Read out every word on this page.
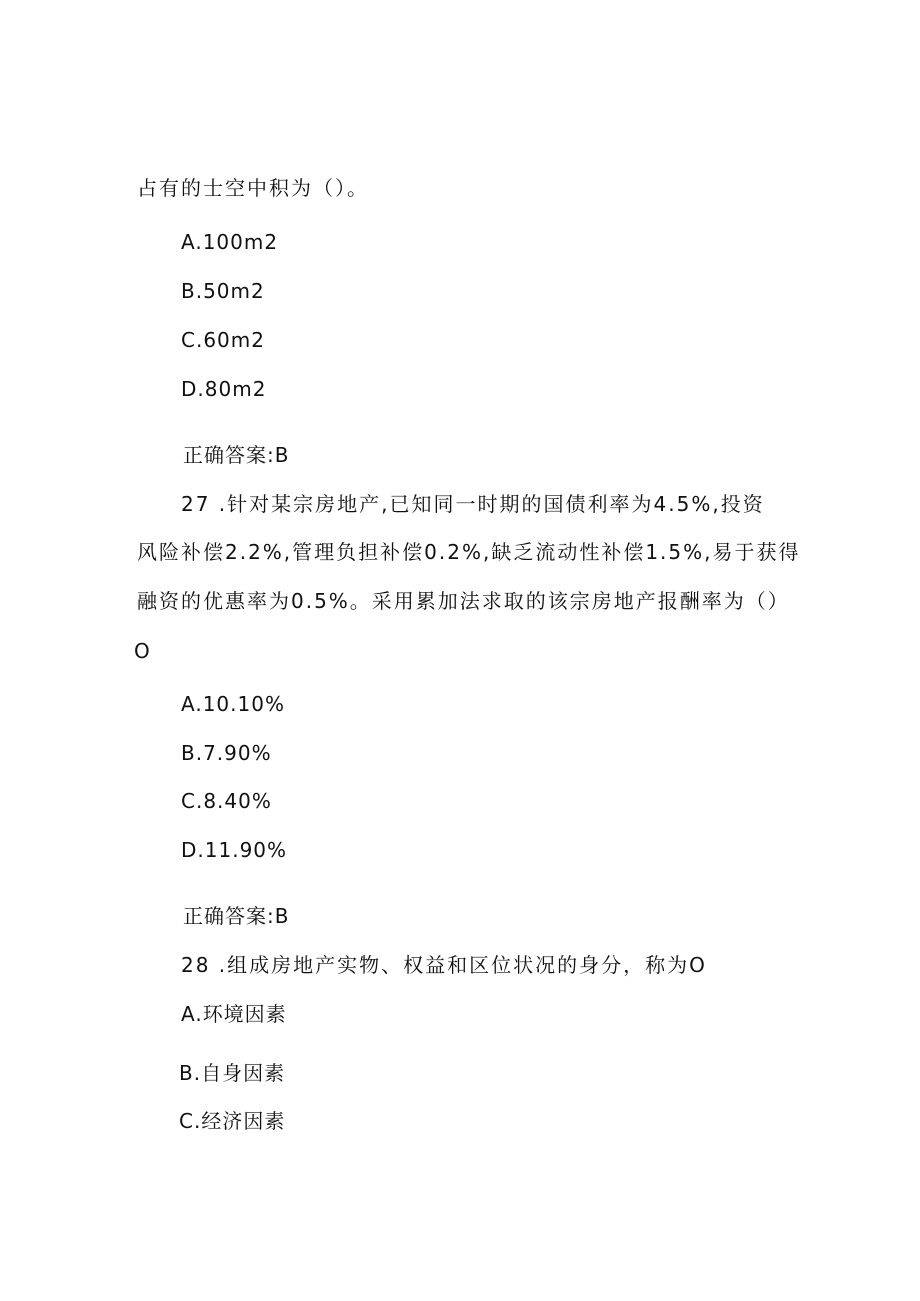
占有的士空中积为（）。
A.100m2
B.50m2
C.60m2
D.80m2
正确答案:B
27 .针对某宗房地产,已知同一时期的国债利率为4.5%,投资
风险补偿2.2%,管理负担补偿0.2%,缺乏流动性补偿1.5%,易于获得
融资的优惠率为0.5%。采用累加法求取的该宗房地产报酬率为（）
O
A.10.10%
B.7.90%
C.8.40%
D.11.90%
正确答案:B
28 .组成房地产实物、权益和区位状况的身分，称为O
A.环境因素
B.自身因素
C.经济因素
